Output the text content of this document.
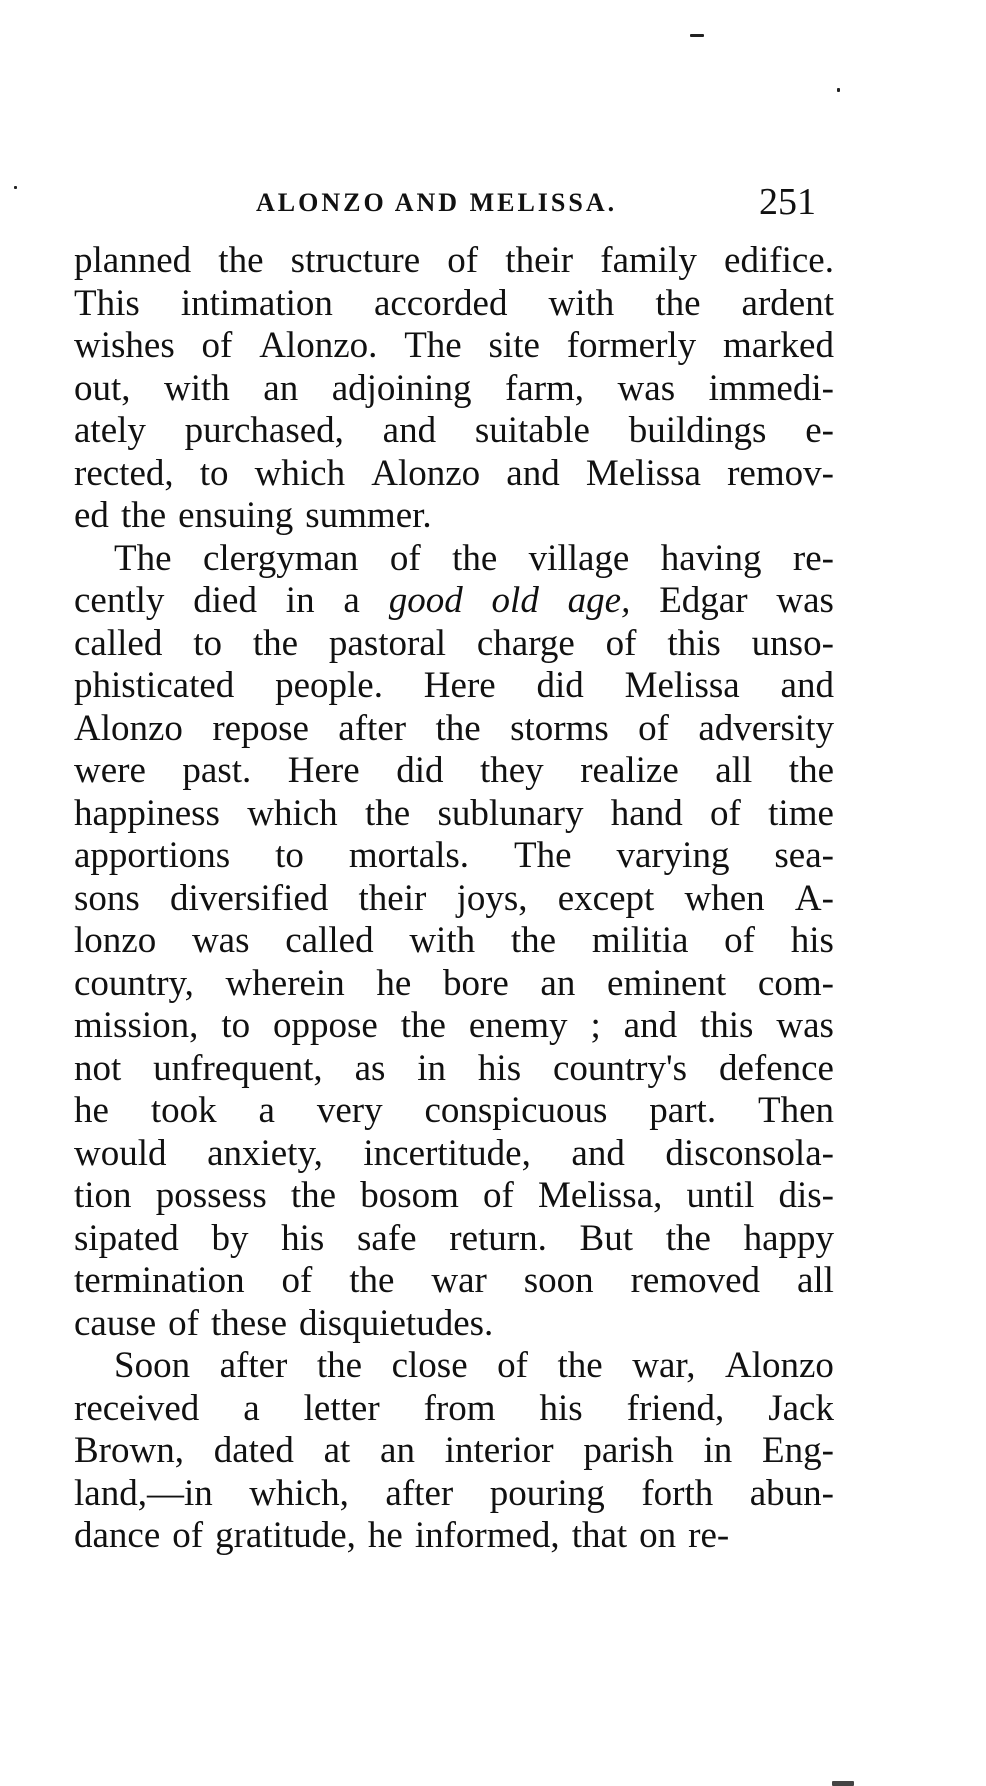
ALONZO AND MELISSA.	251
planned the structure of their family edifice.
This intimation accorded with the ardent
wishes of Alonzo. The site formerly marked
out, with an adjoining farm, was immedi-
ately purchased, and suitable buildings e-
rected, to which Alonzo and Melissa remov-
ed the ensuing summer.
The clergyman of the village having re-
cently died in a good old age, Edgar was
called to the pastoral charge of this unso-
phisticated people. Here did Melissa and
Alonzo repose after the storms of adversity
were past. Here did they realize all the
happiness which the sublunary hand of time
apportions to mortals. The varying sea-
sons diversified their joys, except when A-
lonzo was called with the militia of his
country, wherein he bore an eminent com-
mission, to oppose the enemy ; and this was
not unfrequent, as in his country's defence
he took a very conspicuous part. Then
would anxiety, incertitude, and disconsola-
tion possess the bosom of Melissa, until dis-
sipated by his safe return. But the happy
termination of the war soon removed all
cause of these disquietudes.
Soon after the close of the war, Alonzo
received a letter from his friend, Jack
Brown, dated at an interior parish in Eng-
land,—in which, after pouring forth abun-
dance of gratitude, he informed, that on re-
